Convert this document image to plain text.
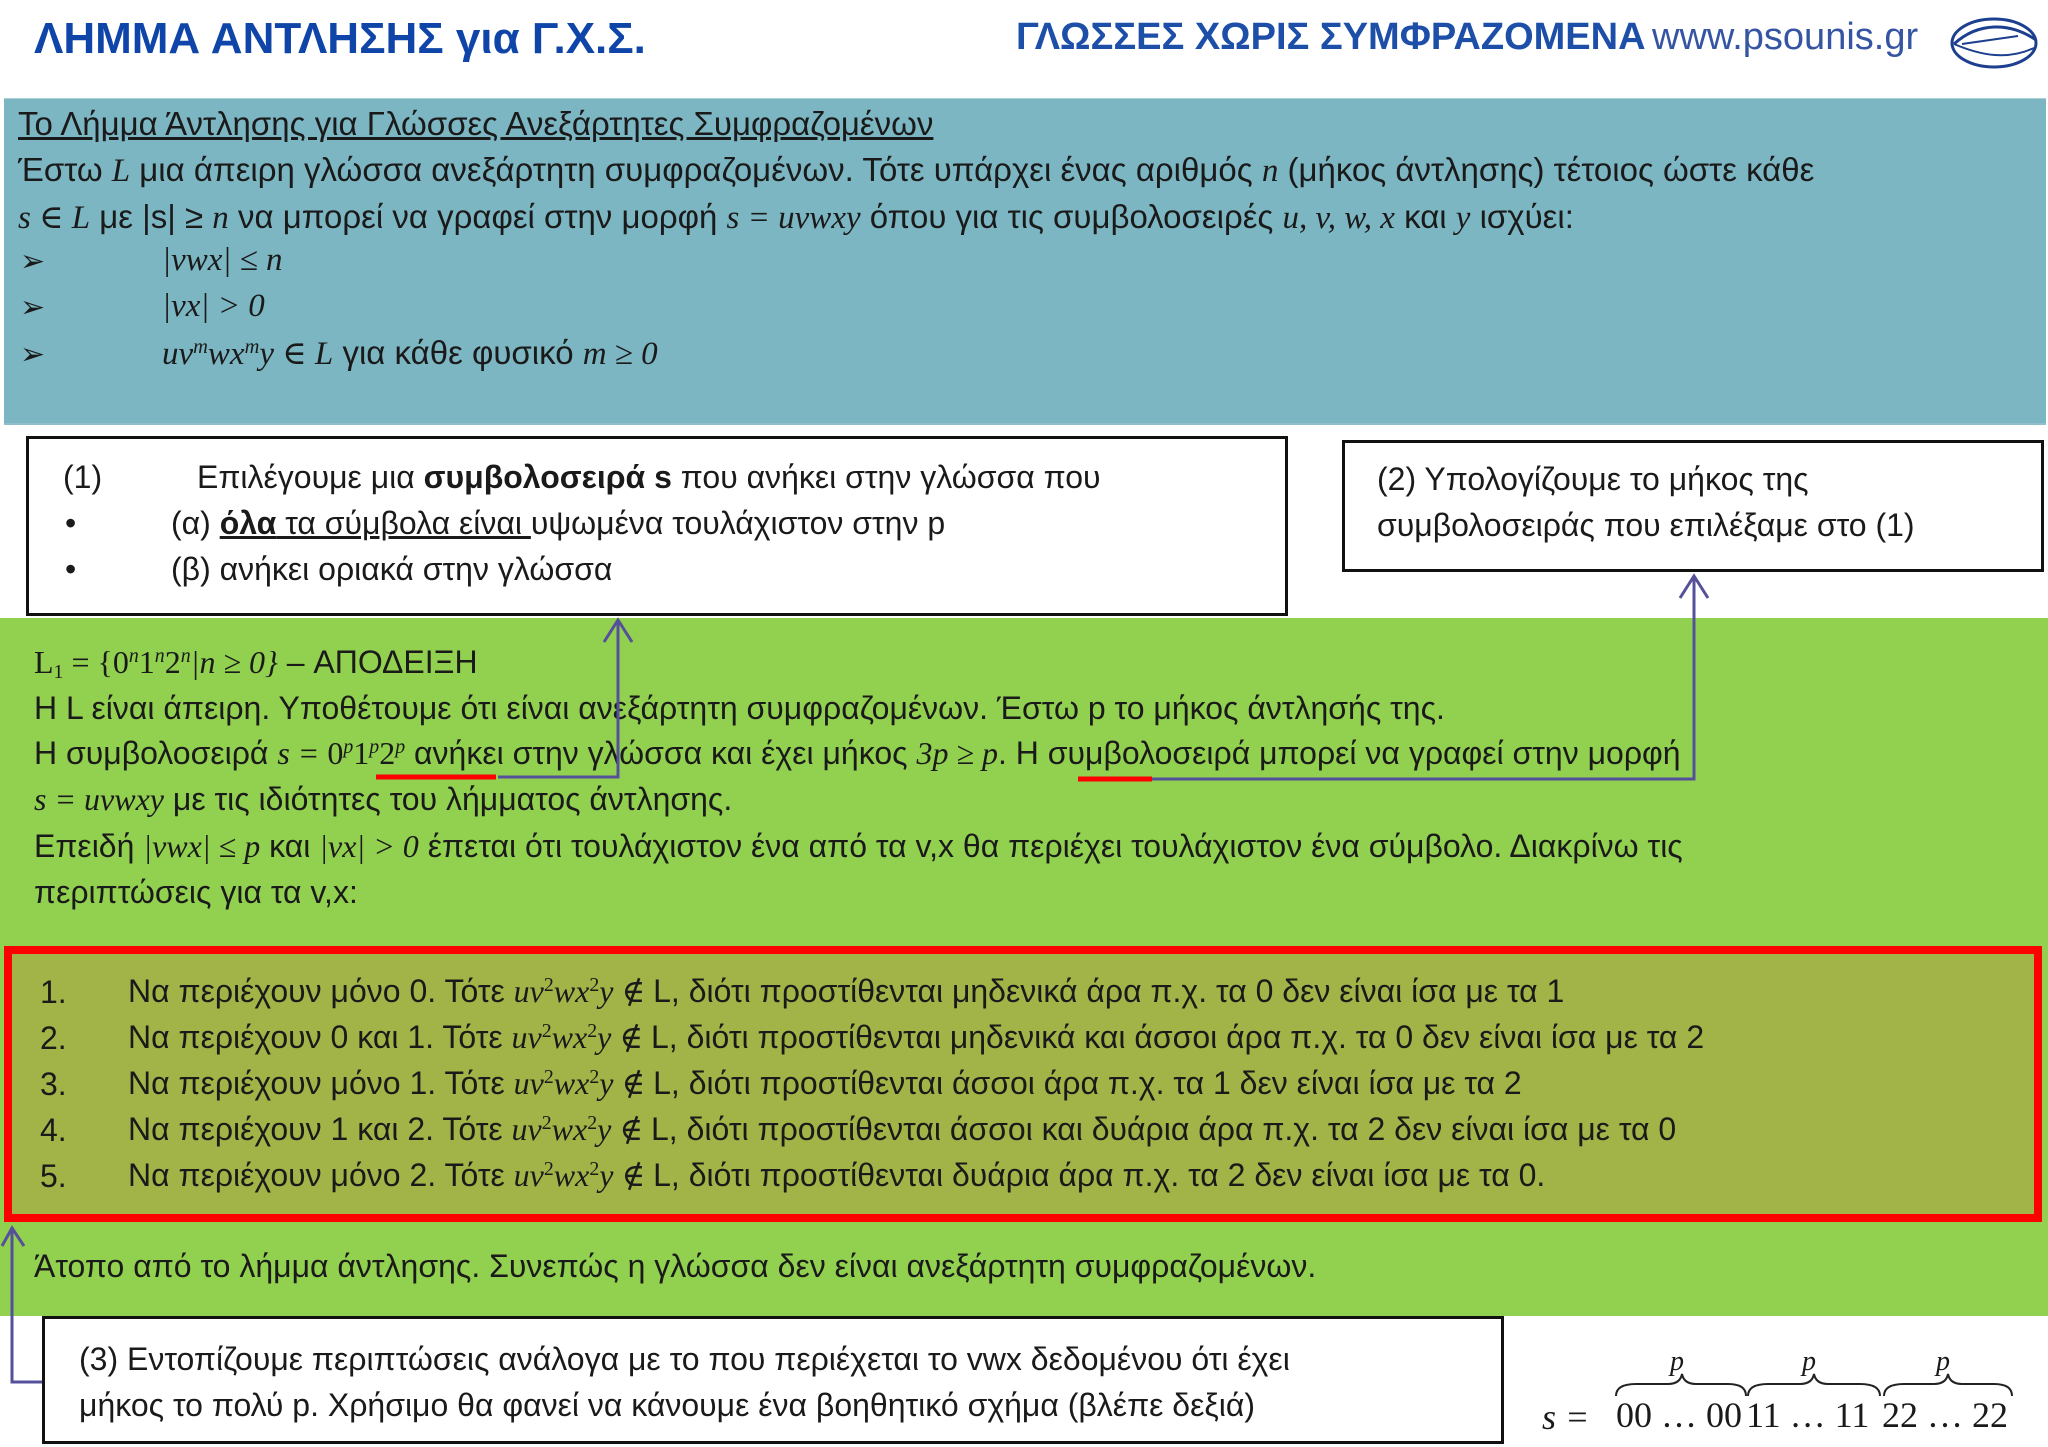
ΛΗΜΜΑ ΑΝΤΛΗΣΗΣ για Γ.Χ.Σ.	ΓΛΩΣΣΕΣ ΧΩΡΙΣ ΣΥΜΦΡΑΖΟΜΕΝΑ www.psounis.gr
Το Λήμμα Άντλησης για Γλώσσες Ανεξάρτητες Συμφραζομένων
Έστω L μια άπειρη γλώσσα ανεξάρτητη συμφραζομένων. Τότε υπάρχει ένας αριθμός n (μήκος άντλησης) τέτοιος ώστε κάθε
s ∈ L με |s| ≥ n να μπορεί να γραφεί στην μορφή s = uvwxy όπου για τις συμβολοσειρές u, v, w, x και y ισχύει:
➢	|vwx| ≤ n
➢	|vx| > 0
➢	$uv^mwx^my$ ∈ L για κάθε φυσικό m ≥ 0
$L_1 = \{0^n1^n2^n|n \ge 0\} - A\Pi O\Delta EI\Xi H$
Η L είναι άπειρη. Υποθέτουμε ότι είναι ανεξάρτητη συμφραζομένων. Έστω p το μήκος άντλησής της.
Η συμβολοσειρά $s = 0^p1^p2^p$ ανήκει στην γλώσσα και έχει μήκος 3p ≥ p. Η συμβολοσειρά μπορεί να γραφεί στην μορφή
s = uvwxy με τις ιδιότητες του λήμματος άντλησης.
Επειδή |vwx| ≤ p και |vx| > 0 έπεται ότι τουλάχιστον ένα από τα v,x θα περιέχει τουλάχιστον ένα σύμβολο. Διακρίνω τις
περιπτώσεις για τα v,x:
Άτοπο από το λήμμα άντλησης. Συνεπώς η γλώσσα δεν είναι ανεξάρτητη συμφραζομένων.
1. Να περιέχουν μόνο 0. Τότε $uv^2wx^2y$ ∉ L, διότι προστίθενται μηδενικά άρα π.χ. τα 0 δεν είναι ίσα με τα 1
2. Να περιέχουν 0 και 1. Τότε $uv^2wx^2y$ ∉ L, διότι προστίθενται μηδενικά και άσσοι άρα π.χ. τα 0 δεν είναι ίσα με τα 2
3. Να περιέχουν μόνο 1. Τότε $uv^2wx^2y$ ∉ L, διότι προστίθενται άσσοι άρα π.χ. τα 1 δεν είναι ίσα με τα 2
4. Να περιέχουν 1 και 2. Τότε $uv^2wx^2y$ ∉ L, διότι προστίθενται άσσοι και δυάρια άρα π.χ. τα 2 δεν είναι ίσα με τα 0
5. Να περιέχουν μόνο 2. Τότε $uv^2wx^2y$ ∉ L, διότι προστίθενται δυάρια άρα π.χ. τα 2 δεν είναι ίσα με τα 0.
(1)	Επιλέγουμε μια συμβολοσειρά s που ανήκει στην γλώσσα που
•	(α) όλα τα σύμβολα είναι υψωμένα τουλάχιστον στην p
•	(β) ανήκει οριακά στην γλώσσα
(2) Υπολογίζουμε το μήκος της
συμβολοσειράς που επιλέξαμε στο (1)
(3) Εντοπίζουμε περιπτώσεις ανάλογα με το που περιέχεται το vwx δεδομένου ότι έχει
μήκος το πολύ p. Χρήσιμο θα φανεί να κάνουμε ένα βοηθητικό σχήμα (βλέπε δεξιά)	s = 00 … 00 11 … 11 22 … 22
p	p	p
